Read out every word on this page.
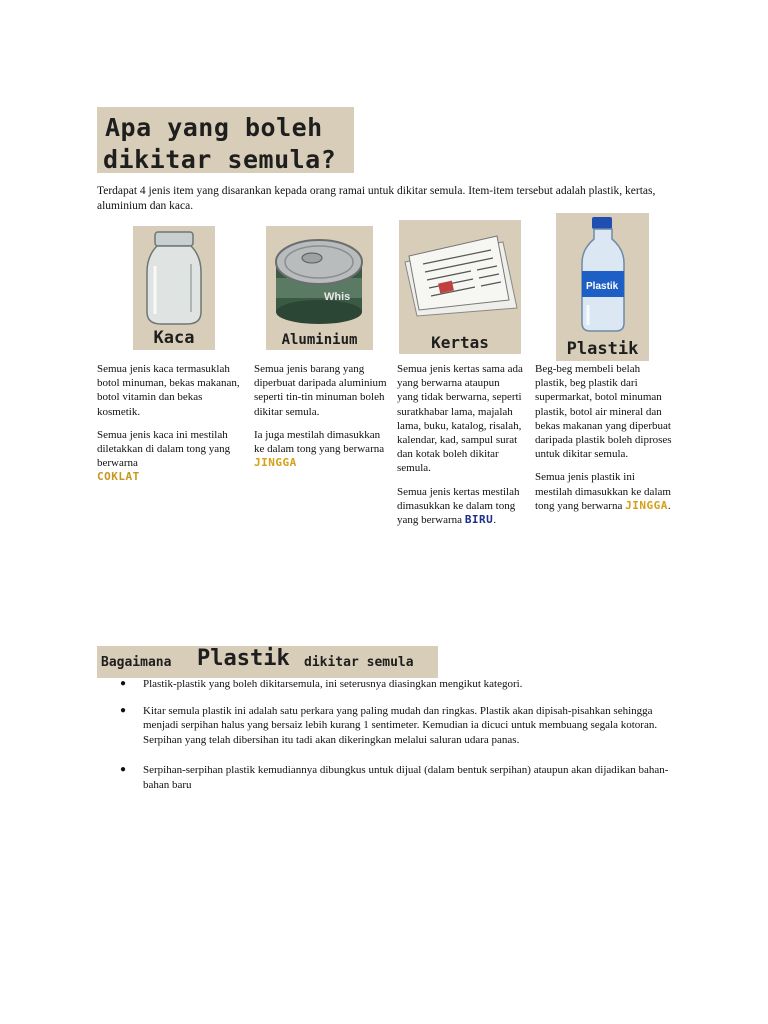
Apa yang boleh
dikitar semula?
Terdapat 4 jenis item yang disarankan kepada orang ramai untuk dikitar semula. Item-item tersebut adalah plastik, kertas, aluminium dan kaca.
Kaca
Whis
Aluminium	Kertas
Plastik
Plastik

Semua jenis kaca termasuklah botol minuman, bekas makanan, botol vitamin dan bekas kosmetik.

Semua jenis kaca ini mestilah diletakkan di dalam tong yang berwarna
COKLAT

Semua jenis barang yang diperbuat daripada aluminium seperti tin-tin minuman boleh dikitar semula.

Ia juga mestilah dimasukkan ke dalam tong yang berwarna
JINGGA

Semua jenis kertas sama ada yang berwarna ataupun yang tidak berwarna, seperti suratkhabar lama, majalah lama, buku, katalog, risalah, kalendar, kad, sampul surat dan kotak boleh dikitar semula.

Semua jenis kertas mestilah dimasukkan ke dalam tong yang berwarna BIRU.

Beg-beg membeli belah plastik, beg plastik dari supermarkat, botol minuman plastik, botol air mineral dan bekas makanan yang diperbuat daripada plastik boleh diproses untuk dikitar semula.

Semua jenis plastik ini mestilah dimasukkan ke dalam tong yang berwarna JINGGA.

Bagaimana Plastik dikitar semula
● Plastik-plastik yang boleh dikitarsemula, ini seterusnya diasingkan mengikut kategori.
● Kitar semula plastik ini adalah satu perkara yang paling mudah dan ringkas. Plastik akan dipisah-pisahkan sehingga menjadi serpihan halus yang bersaiz lebih kurang 1 sentimeter. Kemudian ia dicuci untuk membuang segala kotoran. Serpihan yang telah dibersihan itu tadi akan dikeringkan melalui saluran udara panas.
● Serpihan-serpihan plastik kemudiannya dibungkus untuk dijual (dalam bentuk serpihan) ataupun akan dijadikan bahan-bahan baru
